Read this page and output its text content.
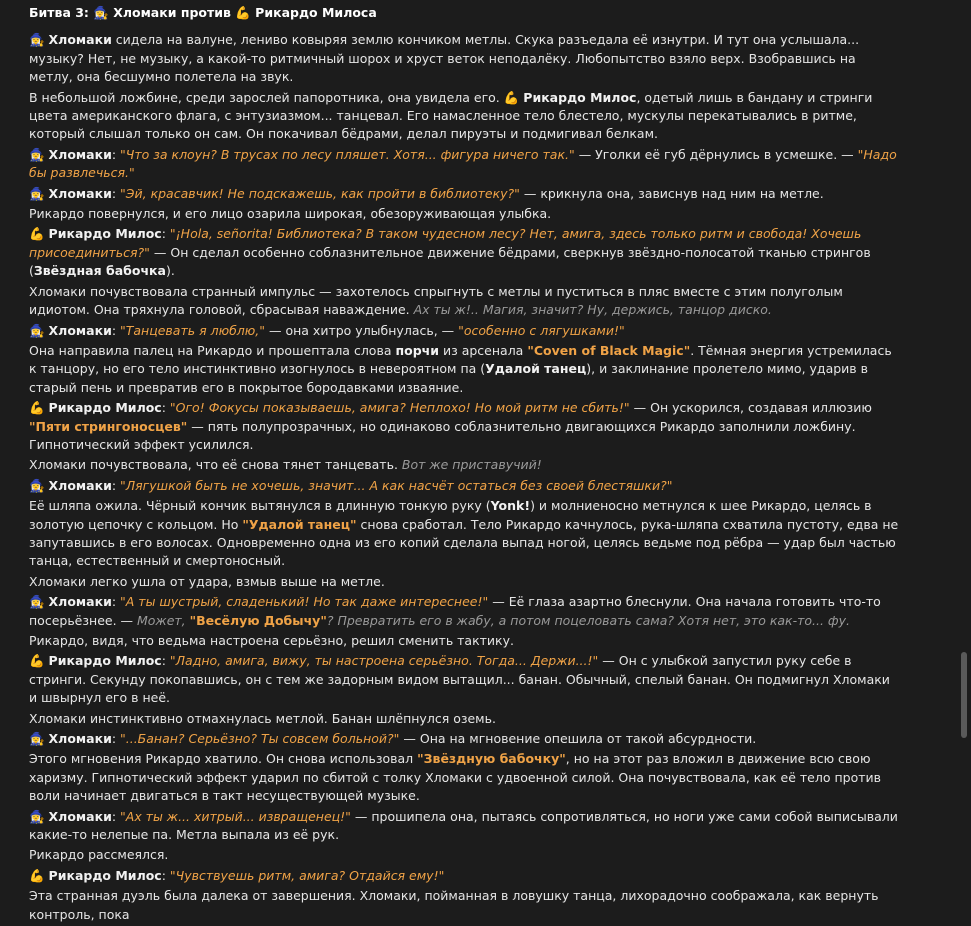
Битва 3: 🧙‍♀️ Хломаки против 💪 Рикардо Милоса
🧙‍♀️ Хломаки сидела на валуне, лениво ковыряя землю кончиком метлы. Скука разъедала её изнутри. И тут она услышала... музыку? Нет, не музыку, а какой-то ритмичный шорох и хруст веток неподалёку. Любопытство взяло верх. Взобравшись на метлу, она бесшумно полетела на звук.
В небольшой ложбине, среди зарослей папоротника, она увидела его. 💪 Рикардо Милос, одетый лишь в бандану и стринги цвета американского флага, с энтузиазмом... танцевал. Его намасленное тело блестело, мускулы перекатывались в ритме, который слышал только он сам. Он покачивал бёдрами, делал пируэты и подмигивал белкам.
🧙‍♀️ Хломаки: "Что за клоун? В трусах по лесу пляшет. Хотя... фигура ничего так." — Уголки её губ дёрнулись в усмешке. — "Надо бы развлечься."
🧙‍♀️ Хломаки: "Эй, красавчик! Не подскажешь, как пройти в библиотеку?" — крикнула она, зависнув над ним на метле.
Рикардо повернулся, и его лицо озарила широкая, обезоруживающая улыбка.
💪 Рикардо Милос: "¡Hola, señorita! Библиотека? В таком чудесном лесу? Нет, амига, здесь только ритм и свобода! Хочешь присоединиться?" — Он сделал особенно соблазнительное движение бёдрами, сверкнув звёздно-полосатой тканью стрингов (Звёздная бабочка).
Хломаки почувствовала странный импульс — захотелось спрыгнуть с метлы и пуститься в пляс вместе с этим полуголым идиотом. Она тряхнула головой, сбрасывая наваждение. Ах ты ж!.. Магия, значит? Ну, держись, танцор диско.
🧙‍♀️ Хломаки: "Танцевать я люблю," — она хитро улыбнулась, — "особенно с лягушками!"
Она направила палец на Рикардо и прошептала слова порчи из арсенала "Coven of Black Magic". Тёмная энергия устремилась к танцору, но его тело инстинктивно изогнулось в невероятном па (Удалой танец), и заклинание пролетело мимо, ударив в старый пень и превратив его в покрытое бородавками изваяние.
💪 Рикардо Милос: "Ого! Фокусы показываешь, амига? Неплохо! Но мой ритм не сбить!" — Он ускорился, создавая иллюзию "Пяти стрингоносцев" — пять полупрозрачных, но одинаково соблазнительно двигающихся Рикардо заполнили ложбину. Гипнотический эффект усилился.
Хломаки почувствовала, что её снова тянет танцевать. Вот же приставучий!
🧙‍♀️ Хломаки: "Лягушкой быть не хочешь, значит... А как насчёт остаться без своей блестяшки?"
Её шляпа ожила. Чёрный кончик вытянулся в длинную тонкую руку (Yonk!) и молниеносно метнулся к шее Рикардо, целясь в золотую цепочку с кольцом. Но "Удалой танец" снова сработал. Тело Рикардо качнулось, рука-шляпа схватила пустоту, едва не запутавшись в его волосах. Одновременно одна из его копий сделала выпад ногой, целясь ведьме под рёбра — удар был частью танца, естественный и смертоносный.
Хломаки легко ушла от удара, взмыв выше на метле.
🧙‍♀️ Хломаки: "А ты шустрый, сладенький! Но так даже интереснее!" — Её глаза азартно блеснули. Она начала готовить что-то посерьёзнее. — Может, "Весёлую Добычу"? Превратить его в жабу, а потом поцеловать сама? Хотя нет, это как-то... фу.
Рикардо, видя, что ведьма настроена серьёзно, решил сменить тактику.
💪 Рикардо Милос: "Ладно, амига, вижу, ты настроена серьёзно. Тогда... Держи...!" — Он с улыбкой запустил руку себе в стринги. Секунду покопавшись, он с тем же задорным видом вытащил... банан. Обычный, спелый банан. Он подмигнул Хломаки и швырнул его в неё.
Хломаки инстинктивно отмахнулась метлой. Банан шлёпнулся оземь.
🧙‍♀️ Хломаки: "...Банан? Серьёзно? Ты совсем больной?" — Она на мгновение опешила от такой абсурдности.
Этого мгновения Рикардо хватило. Он снова использовал "Звёздную бабочку", но на этот раз вложил в движение всю свою харизму. Гипнотический эффект ударил по сбитой с толку Хломаки с удвоенной силой. Она почувствовала, как её тело против воли начинает двигаться в такт несуществующей музыке.
🧙‍♀️ Хломаки: "Ах ты ж... хитрый... извращенец!" — прошипела она, пытаясь сопротивляться, но ноги уже сами собой выписывали какие-то нелепые па. Метла выпала из её рук.
Рикардо рассмеялся.
💪 Рикардо Милос: "Чувствуешь ритм, амига? Отдайся ему!"
Эта странная дуэль была далека от завершения. Хломаки, пойманная в ловушку танца, лихорадочно соображала, как вернуть контроль, пока
